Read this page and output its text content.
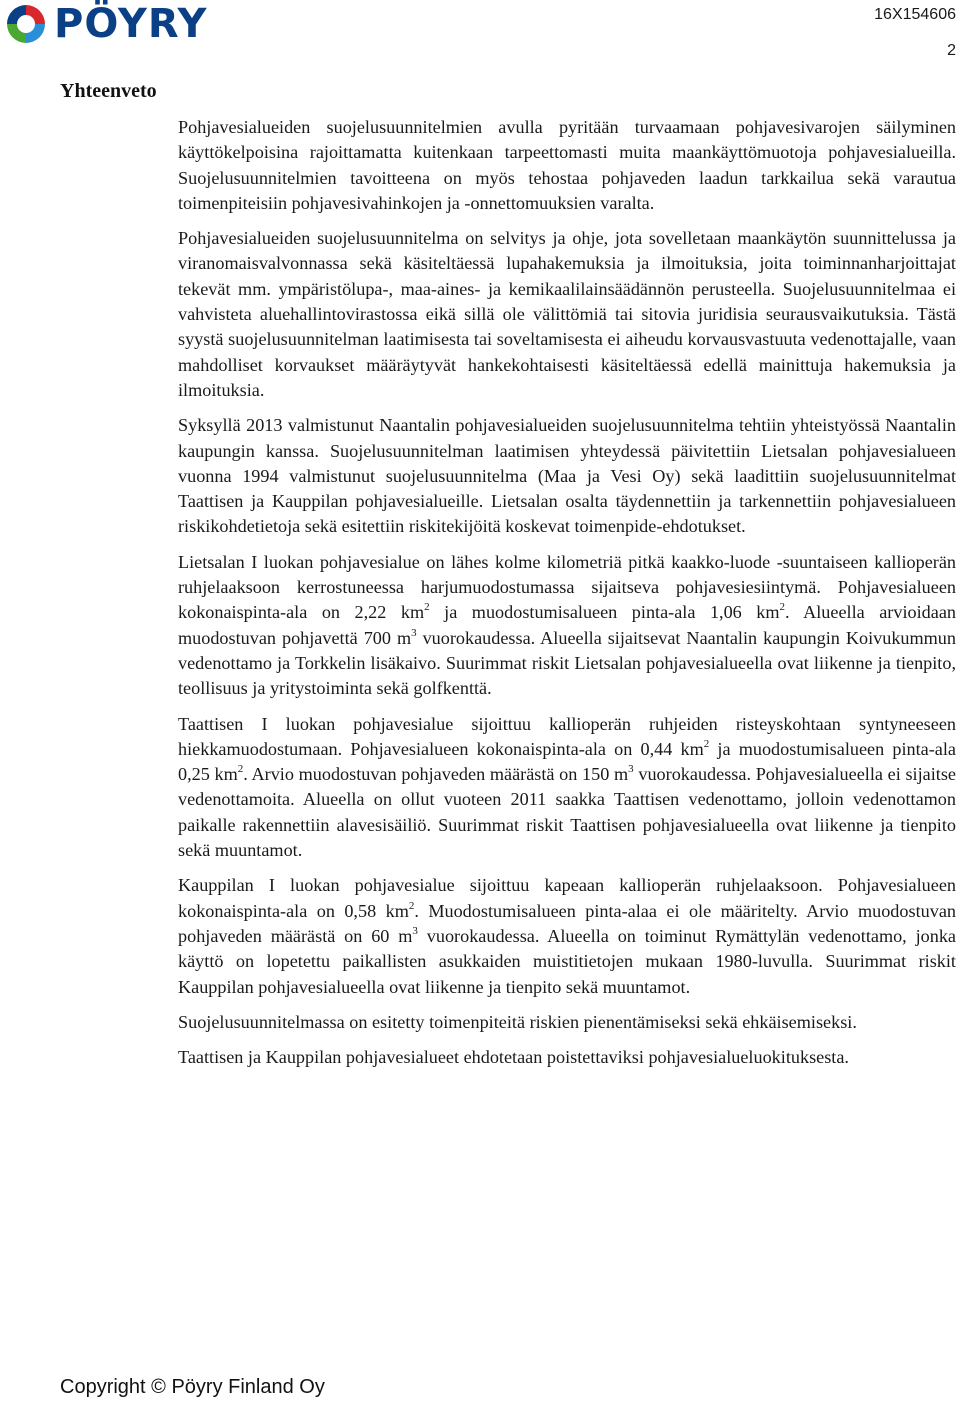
PÖYRY	16X154606
2
Yhteenveto

Pohjavesialueiden suojelusuunnitelmien avulla pyritään turvaamaan pohjavesivarojen säilyminen käyttökelpoisina rajoittamatta kuitenkaan tarpeettomasti muita maankäyttömuotoja pohjavesialueilla. Suojelusuunnitelmien tavoitteena on myös tehostaa pohjaveden laadun tarkkailua sekä varautua toimenpiteisiin pohjavesivahinkojen ja -onnettomuuksien varalta.

Pohjavesialueiden suojelusuunnitelma on selvitys ja ohje, jota sovelletaan maankäytön suunnittelussa ja viranomaisvalvonnassa sekä käsiteltäessä lupahakemuksia ja ilmoituksia, joita toiminnanharjoittajat tekevät mm. ympäristölupa-, maa-aines- ja kemikaalilainsäädännön perusteella. Suojelusuunnitelmaa ei vahvisteta aluehallintovirastossa eikä sillä ole välittömiä tai sitovia juridisia seurausvaikutuksia. Tästä syystä suojelusuunnitelman laatimisesta tai soveltamisesta ei aiheudu korvausvastuuta vedenottajalle, vaan mahdolliset korvaukset määräytyvät hankekohtaisesti käsiteltäessä edellä mainittuja hakemuksia ja ilmoituksia.

Syksyllä 2013 valmistunut Naantalin pohjavesialueiden suojelusuunnitelma tehtiin yhteistyössä Naantalin kaupungin kanssa. Suojelusuunnitelman laatimisen yhteydessä päivitettiin Lietsalan pohjavesialueen vuonna 1994 valmistunut suojelusuunnitelma (Maa ja Vesi Oy) sekä laadittiin suojelusuunnitelmat Taattisen ja Kauppilan pohjavesialueille. Lietsalan osalta täydennettiin ja tarkennettiin pohjavesialueen riskikohdetietoja sekä esitettiin riskitekijöitä koskevat toimenpide-ehdotukset.

Lietsalan I luokan pohjavesialue on lähes kolme kilometriä pitkä kaakko-luode -suuntaiseen kallioperän ruhjelaaksoon kerrostuneessa harjumuodostumassa sijaitseva pohjavesiesiintymä. Pohjavesialueen kokonaispinta-ala on 2,22 $km^2$ ja muodostumisalueen pinta-ala 1,06 $km^2$. Alueella arvioidaan muodostuvan pohjavettä 700 $m^3$ vuorokaudessa. Alueella sijaitsevat Naantalin kaupungin Koivukummun vedenottamo ja Torkkelin lisäkaivo. Suurimmat riskit Lietsalan pohjavesialueella ovat liikenne ja tienpito, teollisuus ja yritystoiminta sekä golfkenttä.

Taattisen I luokan pohjavesialue sijoittuu kallioperän ruhjeiden risteyskohtaan syntyneeseen hiekkamuodostumaan. Pohjavesialueen kokonaispinta-ala on 0,44 $km^2$ ja muodostumisalueen pinta-ala 0,25 $km^2$. Arvio muodostuvan pohjaveden määrästä on 150 $m^3$ vuorokaudessa. Pohjavesialueella ei sijaitse vedenottamoita. Alueella on ollut vuoteen 2011 saakka Taattisen vedenottamo, jolloin vedenottamon paikalle rakennettiin alavesisäiliö. Suurimmat riskit Taattisen pohjavesialueella ovat liikenne ja tienpito sekä muuntamot.

Kauppilan I luokan pohjavesialue sijoittuu kapeaan kallioperän ruhjelaaksoon. Pohjavesialueen kokonaispinta-ala on 0,58 $km^2$. Muodostumisalueen pinta-alaa ei ole määritelty. Arvio muodostuvan pohjaveden määrästä on 60 $m^3$ vuorokaudessa. Alueella on toiminut Rymättylän vedenottamo, jonka käyttö on lopetettu paikallisten asukkaiden muistitietojen mukaan 1980-luvulla. Suurimmat riskit Kauppilan pohjavesialueella ovat liikenne ja tienpito sekä muuntamot.

Suojelusuunnitelmassa on esitetty toimenpiteitä riskien pienentämiseksi sekä ehkäisemiseksi.

Taattisen ja Kauppilan pohjavesialueet ehdotetaan poistettaviksi pohjavesialueluokituksesta.

Copyright © Pöyry Finland Oy
